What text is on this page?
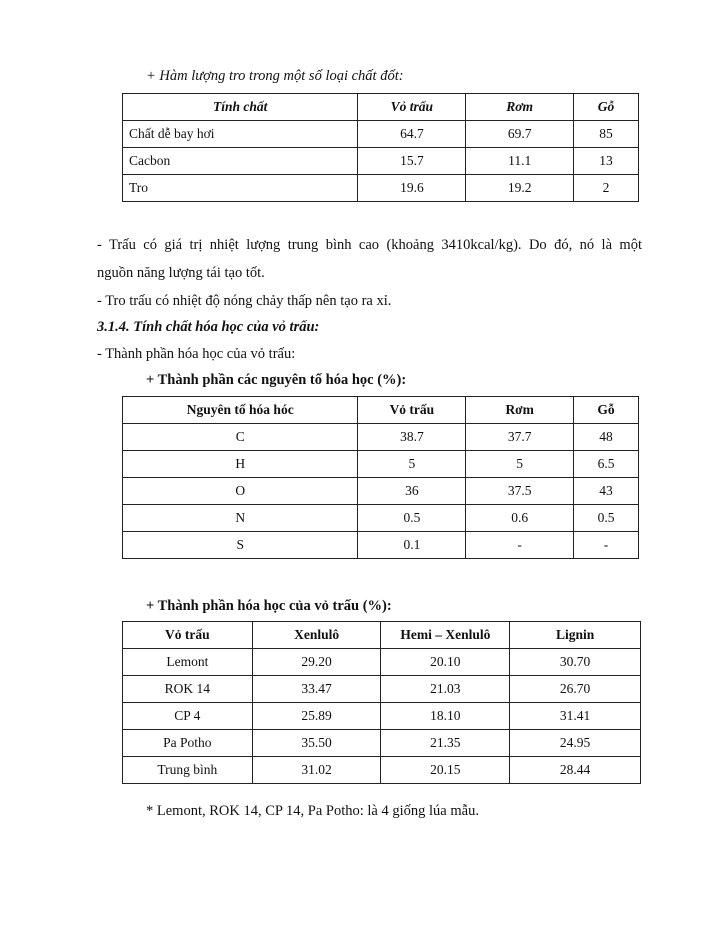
+ Hàm lượng tro trong một số loại chất đốt:

Tính chất	Vỏ trấu	Rơm	Gỗ
Chất dễ bay hơi	64.7	69.7	85
Cacbon	15.7	11.1	13
Tro	19.6	19.2	2

- Trấu có giá trị nhiệt lượng trung bình cao (khoảng 3410kcal/kg). Do đó, nó là một

nguồn năng lượng tái tạo tốt.

- Tro trấu có nhiệt độ nóng chảy thấp nên tạo ra xỉ.

3.1.4. Tính chất hóa học của vỏ trấu:

- Thành phần hóa học của vỏ trấu:

+ Thành phần các nguyên tố hóa học (%):

Nguyên tố hóa hóc	Vỏ trấu	Rơm	Gỗ
C	38.7	37.7	48
H	5	5	6.5
O	36	37.5	43
N	0.5	0.6	0.5
S	0.1	-	-

+ Thành phần hóa học của vỏ trấu (%):

Vỏ trấu	Xenlulô	Hemi – Xenlulô	Lignin
Lemont	29.20	20.10	30.70
ROK 14	33.47	21.03	26.70
CP 4	25.89	18.10	31.41
Pa Potho	35.50	21.35	24.95
Trung bình	31.02	20.15	28.44

* Lemont, ROK 14, CP 14, Pa Potho: là 4 giống lúa mẫu.
